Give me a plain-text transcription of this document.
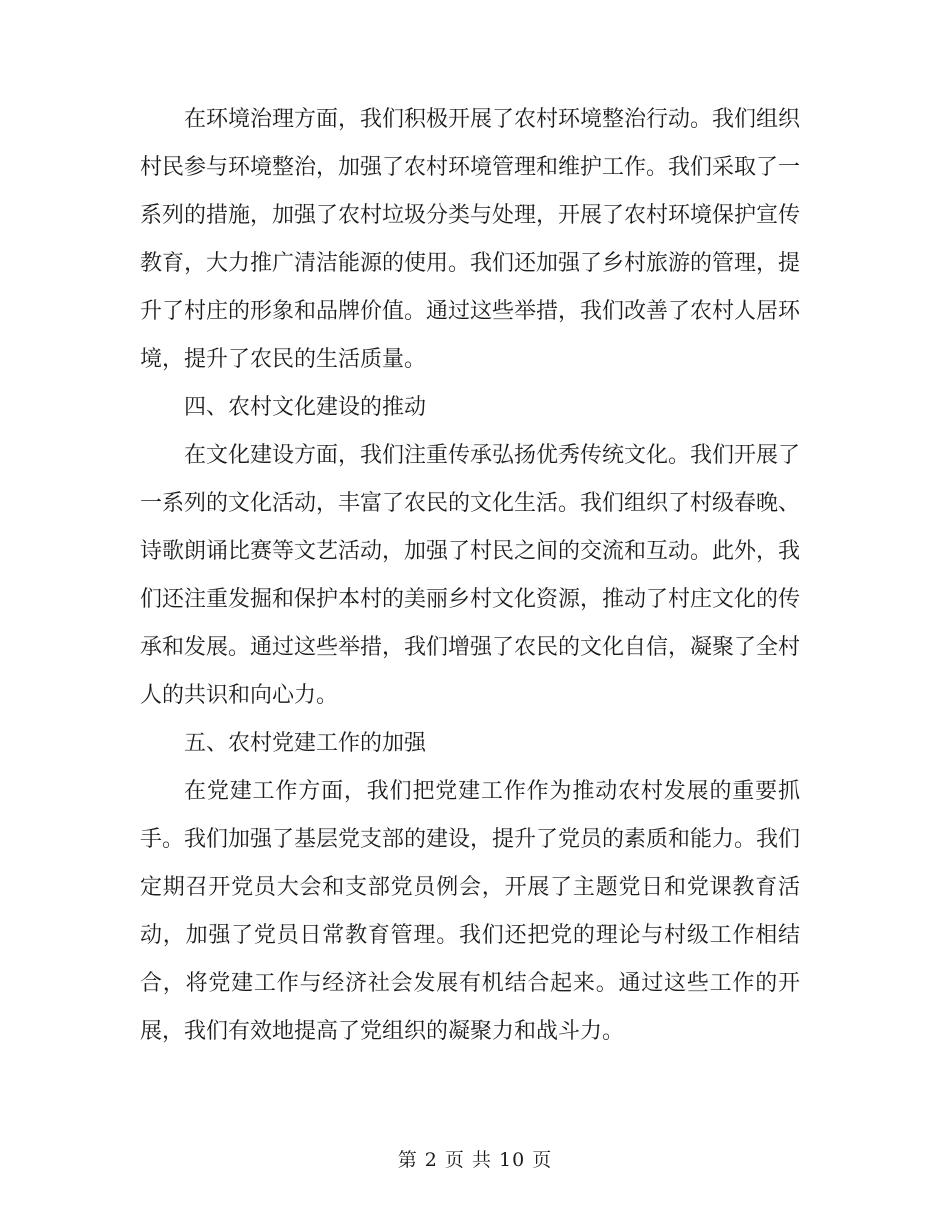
在环境治理方面，我们积极开展了农村环境整治行动。我们组织村民参与环境整治，加强了农村环境管理和维护工作。我们采取了一系列的措施，加强了农村垃圾分类与处理，开展了农村环境保护宣传教育，大力推广清洁能源的使用。我们还加强了乡村旅游的管理，提升了村庄的形象和品牌价值。通过这些举措，我们改善了农村人居环境，提升了农民的生活质量。

四、农村文化建设的推动

在文化建设方面，我们注重传承弘扬优秀传统文化。我们开展了一系列的文化活动，丰富了农民的文化生活。我们组织了村级春晚、诗歌朗诵比赛等文艺活动，加强了村民之间的交流和互动。此外，我们还注重发掘和保护本村的美丽乡村文化资源，推动了村庄文化的传承和发展。通过这些举措，我们增强了农民的文化自信，凝聚了全村人的共识和向心力。

五、农村党建工作的加强

在党建工作方面，我们把党建工作作为推动农村发展的重要抓手。我们加强了基层党支部的建设，提升了党员的素质和能力。我们定期召开党员大会和支部党员例会，开展了主题党日和党课教育活动，加强了党员日常教育管理。我们还把党的理论与村级工作相结合，将党建工作与经济社会发展有机结合起来。通过这些工作的开展，我们有效地提高了党组织的凝聚力和战斗力。

第 2 页 共 10 页
